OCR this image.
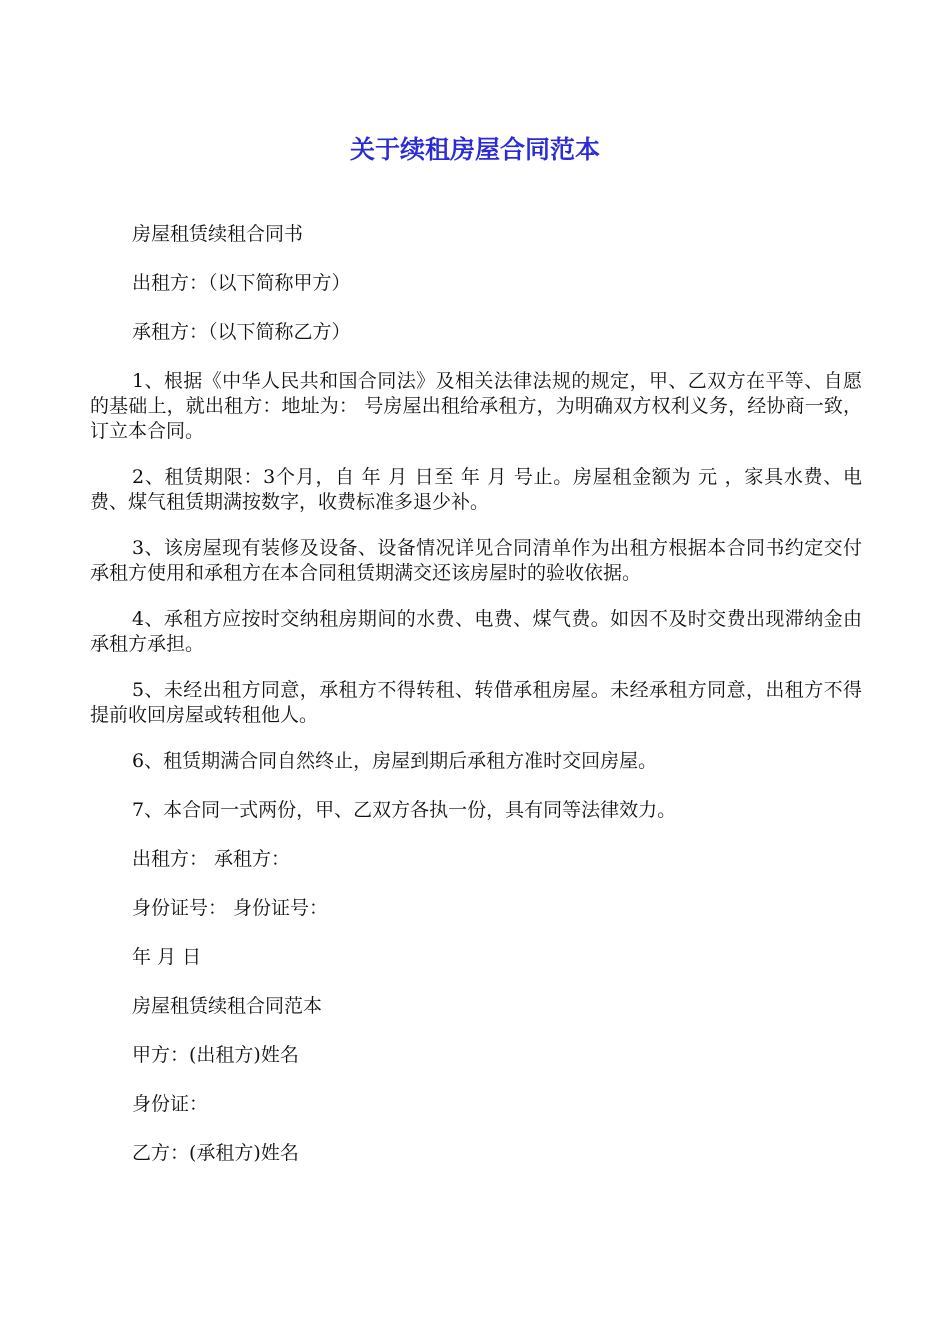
关于续租房屋合同范本

房屋租赁续租合同书

出租方：（以下简称甲方）

承租方：（以下简称乙方）

1、根据《中华人民共和国合同法》及相关法律法规的规定，甲、乙双方在平等、自愿的基础上，就出租方：地址为： 号房屋出租给承租方，为明确双方权利义务，经协商一致，订立本合同。

2、租赁期限：3个月，自 年 月 日至 年 月 号止。房屋租金额为 元 ，家具水费、电费、煤气租赁期满按数字，收费标准多退少补。

3、该房屋现有装修及设备、设备情况详见合同清单作为出租方根据本合同书约定交付承租方使用和承租方在本合同租赁期满交还该房屋时的验收依据。

4、承租方应按时交纳租房期间的水费、电费、煤气费。如因不及时交费出现滞纳金由承租方承担。

5、未经出租方同意，承租方不得转租、转借承租房屋。未经承租方同意，出租方不得提前收回房屋或转租他人。

6、租赁期满合同自然终止，房屋到期后承租方准时交回房屋。

7、本合同一式两份，甲、乙双方各执一份，具有同等法律效力。

出租方： 承租方：

身份证号： 身份证号：

年 月 日

房屋租赁续租合同范本

甲方：(出租方)姓名

身份证：

乙方：(承租方)姓名
